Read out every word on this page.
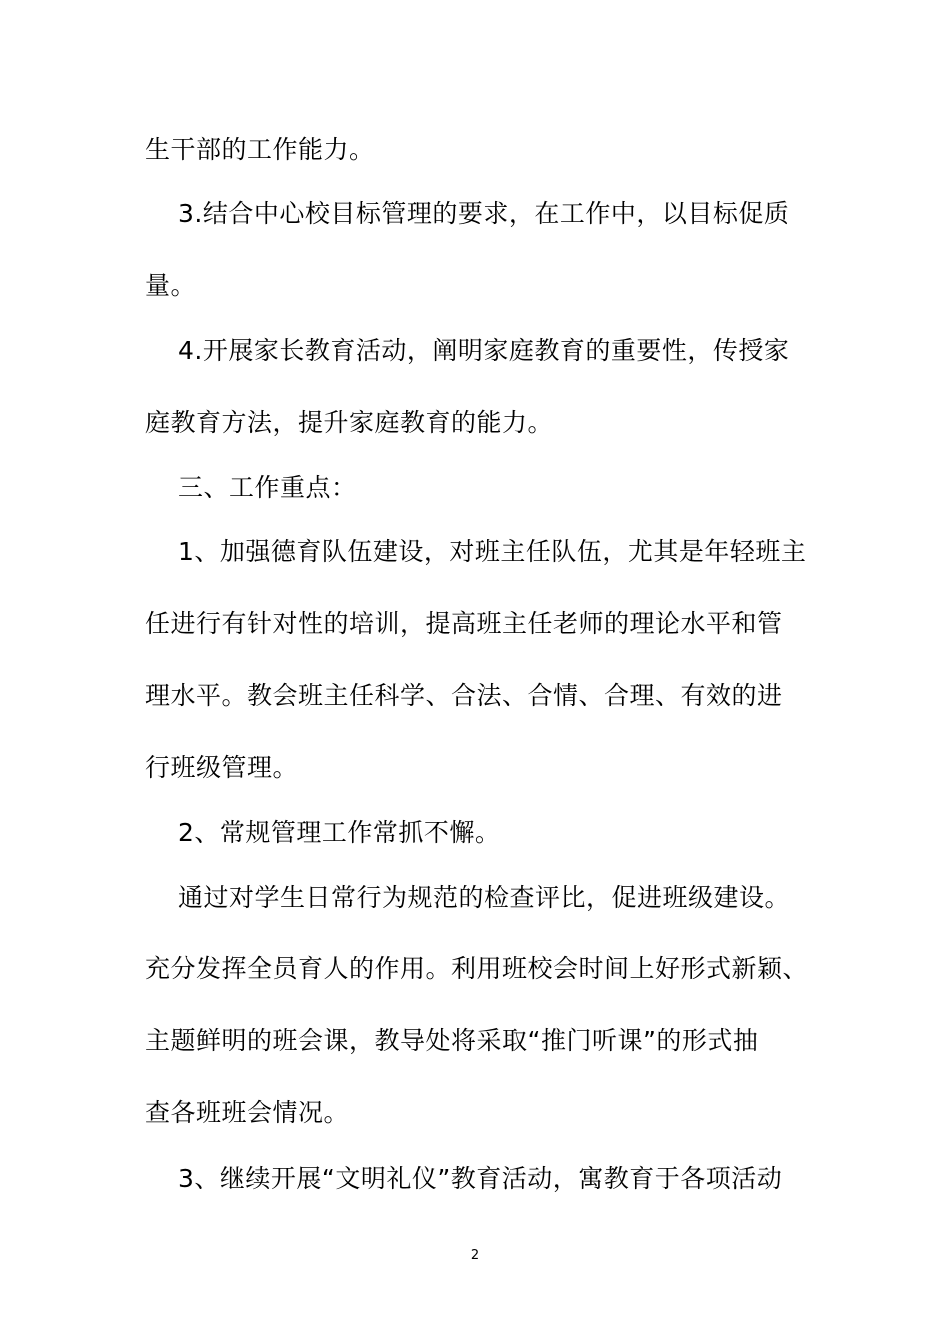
生干部的工作能力。
3.结合中心校目标管理的要求，在工作中，以目标促质
量。
4.开展家长教育活动，阐明家庭教育的重要性，传授家
庭教育方法，提升家庭教育的能力。
三、工作重点：
1、加强德育队伍建设，对班主任队伍，尤其是年轻班主
任进行有针对性的培训，提高班主任老师的理论水平和管
理水平。教会班主任科学、合法、合情、合理、有效的进
行班级管理。
2、常规管理工作常抓不懈。
通过对学生日常行为规范的检查评比，促进班级建设。
充分发挥全员育人的作用。利用班校会时间上好形式新颖、
主题鲜明的班会课，教导处将采取“推门听课”的形式抽
查各班班会情况。
3、继续开展“文明礼仪”教育活动，寓教育于各项活动
2
